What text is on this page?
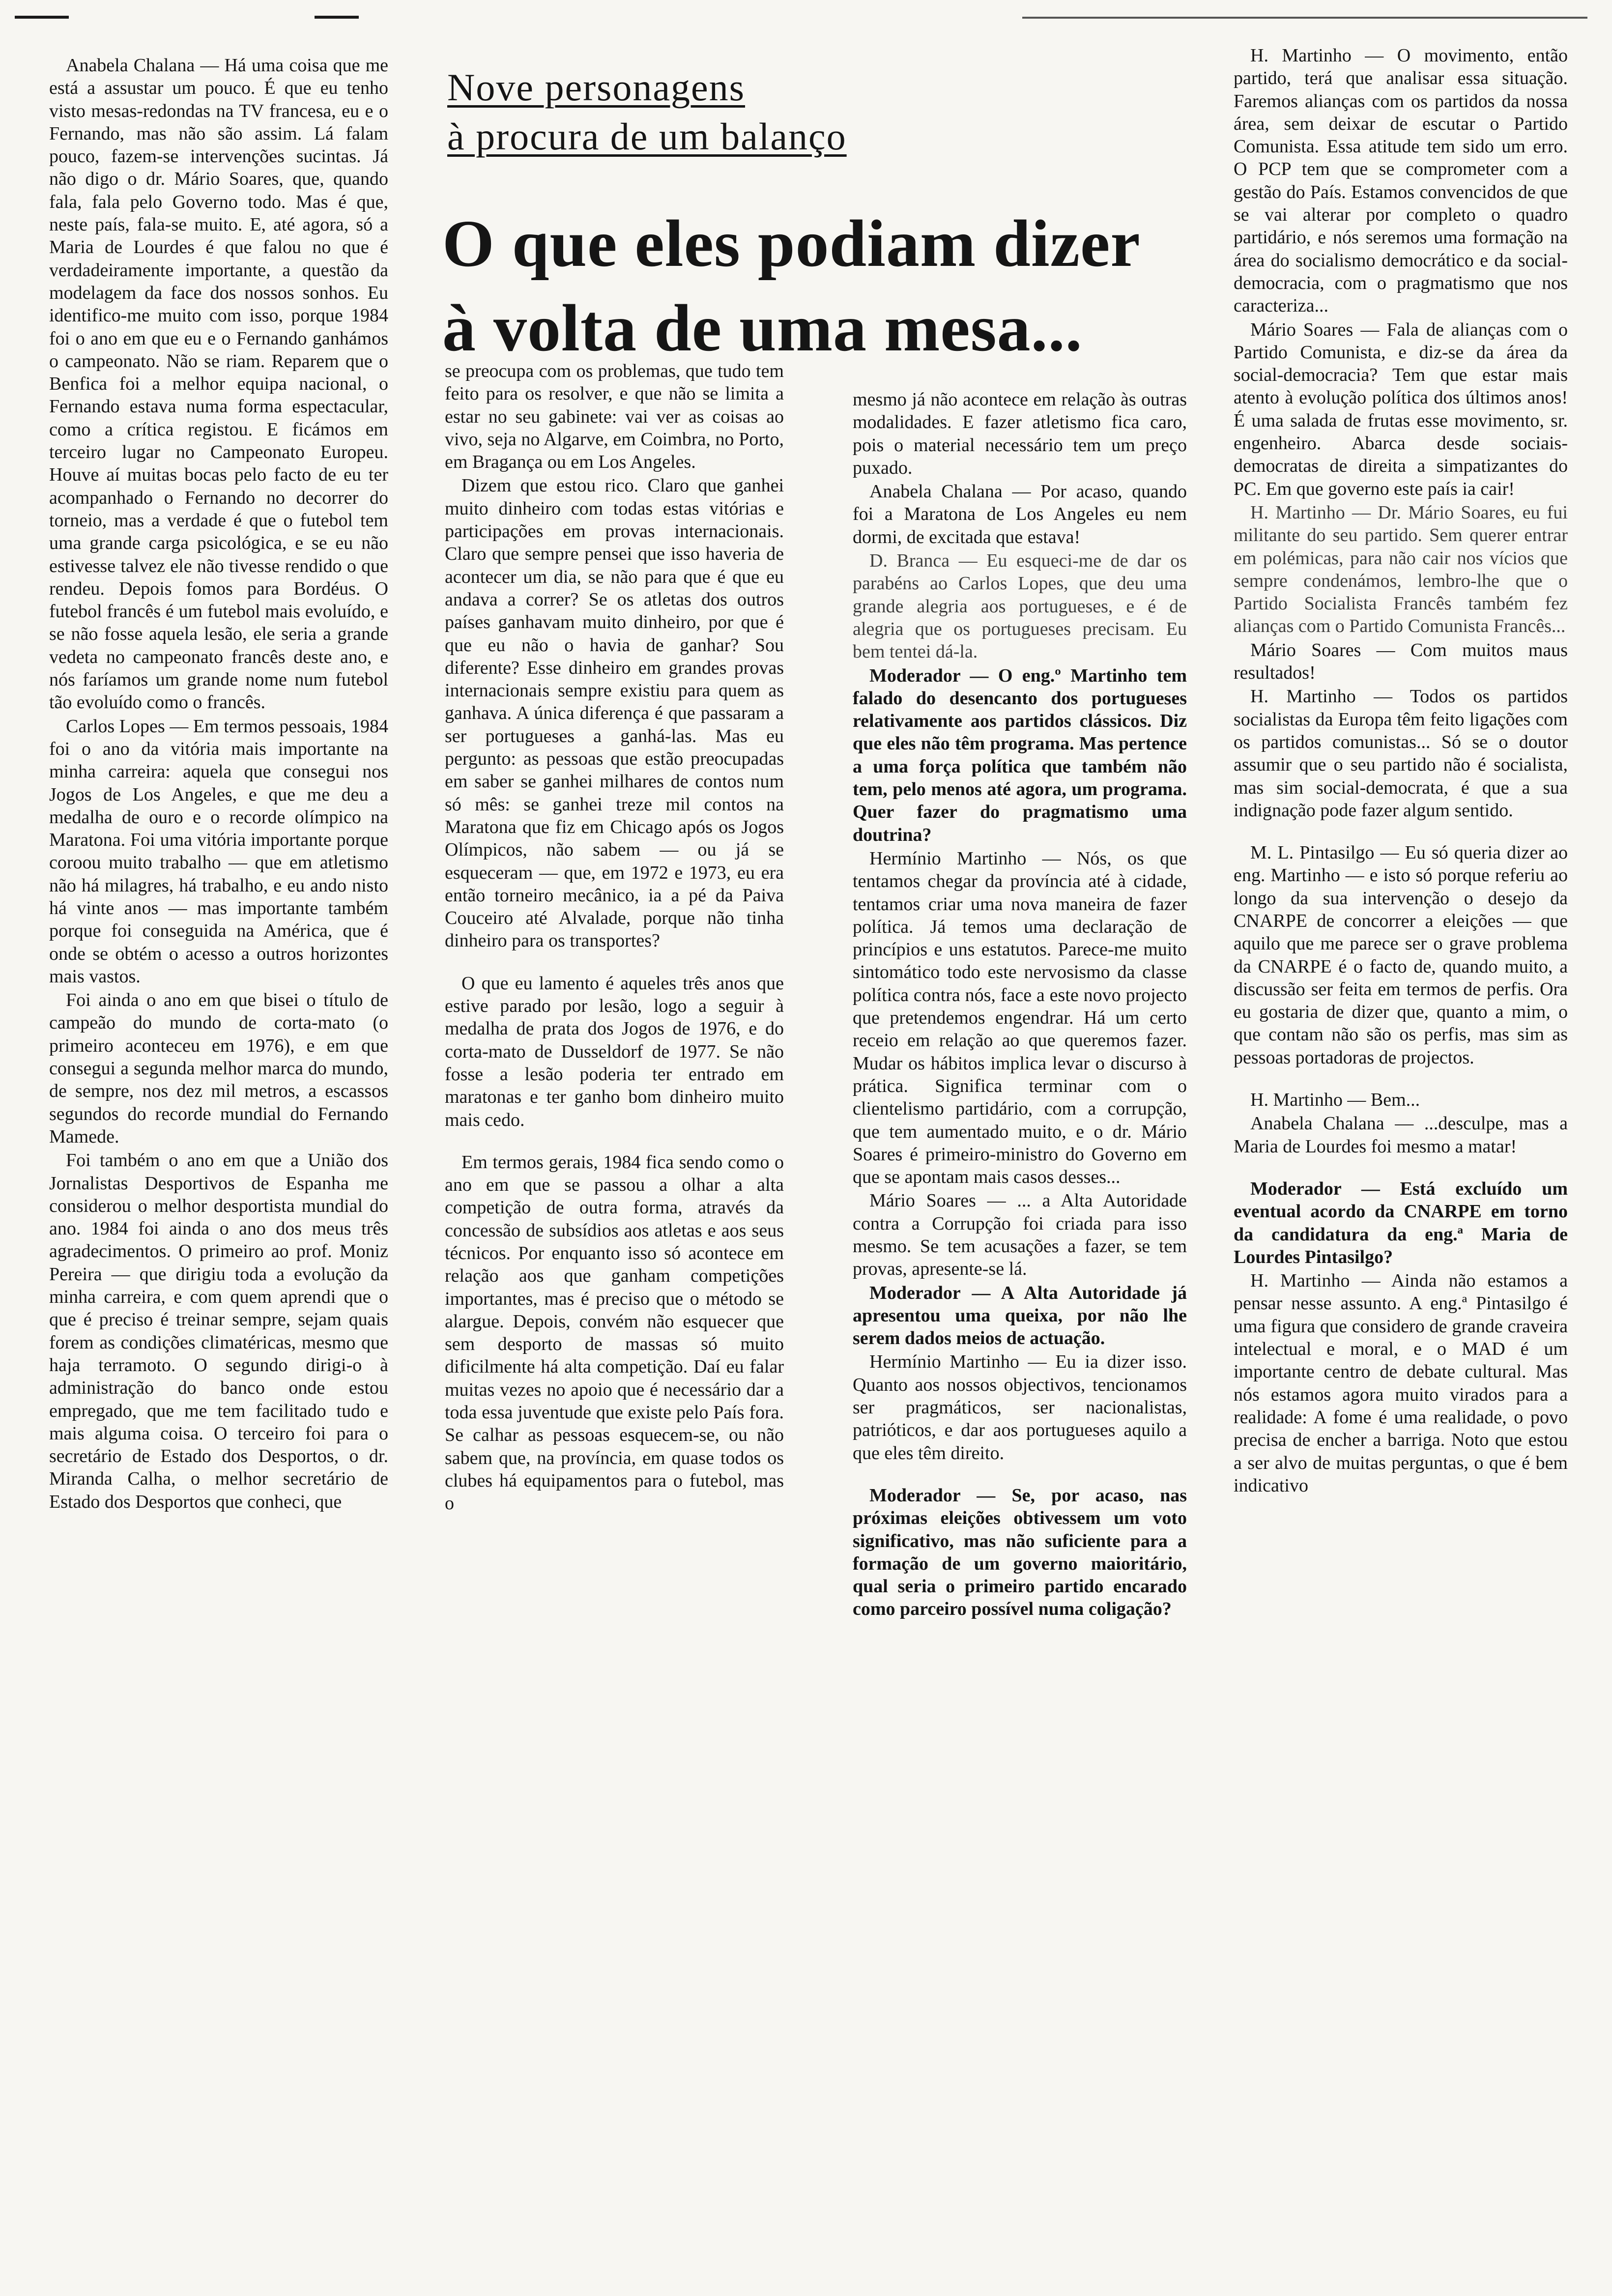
Nove personagens
à procura de um balanço
O que eles podiam dizer
à volta de uma mesa...

Anabela Chalana — Há uma coisa que me está a assustar um pouco. É que eu tenho visto mesas-redondas na TV francesa, eu e o Fernando, mas não são assim. Lá falam pouco, fazem-se intervenções sucintas. Já não digo o dr. Mário Soares, que, quando fala, fala pelo Governo todo. Mas é que, neste país, fala-se muito. E, até agora, só a Maria de Lourdes é que falou no que é verdadeiramente importante, a questão da modelagem da face dos nossos sonhos. Eu identifico-me muito com isso, porque 1984 foi o ano em que eu e o Fernando ganhámos o campeonato. Não se riam. Reparem que o Benfica foi a melhor equipa nacional, o Fernando estava numa forma espectacular, como a crítica registou. E ficámos em terceiro lugar no Campeonato Europeu. Houve aí muitas bocas pelo facto de eu ter acompanhado o Fernando no decorrer do torneio, mas a verdade é que o futebol tem uma grande carga psicológica, e se eu não estivesse talvez ele não tivesse rendido o que rendeu. Depois fomos para Bordéus. O futebol francês é um futebol mais evoluído, e se não fosse aquela lesão, ele seria a grande vedeta no campeonato francês deste ano, e nós faríamos um grande nome num futebol tão evoluído como o francês.

Carlos Lopes — Em termos pessoais, 1984 foi o ano da vitória mais importante na minha carreira: aquela que consegui nos Jogos de Los Angeles, e que me deu a medalha de ouro e o recorde olímpico na Maratona. Foi uma vitória importante porque coroou muito trabalho — que em atletismo não há milagres, há trabalho, e eu ando nisto há vinte anos — mas importante também porque foi conseguida na América, que é onde se obtém o acesso a outros horizontes mais vastos.

Foi ainda o ano em que bisei o título de campeão do mundo de corta-mato (o primeiro aconteceu em 1976), e em que consegui a segunda melhor marca do mundo, de sempre, nos dez mil metros, a escassos segundos do recorde mundial do Fernando Mamede.

Foi também o ano em que a União dos Jornalistas Desportivos de Espanha me considerou o melhor desportista mundial do ano. 1984 foi ainda o ano dos meus três agradecimentos. O primeiro ao prof. Moniz Pereira — que dirigiu toda a evolução da minha carreira, e com quem aprendi que o que é preciso é treinar sempre, sejam quais forem as condições climatéricas, mesmo que haja terramoto. O segundo dirigi-o à administração do banco onde estou empregado, que me tem facilitado tudo e mais alguma coisa. O terceiro foi para o secretário de Estado dos Desportos, o dr. Miranda Calha, o melhor secretário de Estado dos Desportos que conheci, que

se preocupa com os problemas, que tudo tem feito para os resolver, e que não se limita a estar no seu gabinete: vai ver as coisas ao vivo, seja no Algarve, em Coimbra, no Porto, em Bragança ou em Los Angeles.

Dizem que estou rico. Claro que ganhei muito dinheiro com todas estas vitórias e participações em provas internacionais. Claro que sempre pensei que isso haveria de acontecer um dia, se não para que é que eu andava a correr? Se os atletas dos outros países ganhavam muito dinheiro, por que é que eu não o havia de ganhar? Sou diferente? Esse dinheiro em grandes provas internacionais sempre existiu para quem as ganhava. A única diferença é que passaram a ser portugueses a ganhá-las. Mas eu pergunto: as pessoas que estão preocupadas em saber se ganhei milhares de contos num só mês: se ganhei treze mil contos na Maratona que fiz em Chicago após os Jogos Olímpicos, não sabem — ou já se esqueceram — que, em 1972 e 1973, eu era então torneiro mecânico, ia a pé da Paiva Couceiro até Alvalade, porque não tinha dinheiro para os transportes?

O que eu lamento é aqueles três anos que estive parado por lesão, logo a seguir à medalha de prata dos Jogos de 1976, e do corta-mato de Dusseldorf de 1977. Se não fosse a lesão poderia ter entrado em maratonas e ter ganho bom dinheiro muito mais cedo.

Em termos gerais, 1984 fica sendo como o ano em que se passou a olhar a alta competição de outra forma, através da concessão de subsídios aos atletas e aos seus técnicos. Por enquanto isso só acontece em relação aos que ganham competições importantes, mas é preciso que o método se alargue. Depois, convém não esquecer que sem desporto de massas só muito dificilmente há alta competição. Daí eu falar muitas vezes no apoio que é necessário dar a toda essa juventude que existe pelo País fora. Se calhar as pessoas esquecem-se, ou não sabem que, na província, em quase todos os clubes há equipamentos para o futebol, mas o

mesmo já não acontece em relação às outras modalidades. E fazer atletismo fica caro, pois o material necessário tem um preço puxado.

Anabela Chalana — Por acaso, quando foi a Maratona de Los Angeles eu nem dormi, de excitada que estava!

D. Branca — Eu esqueci-me de dar os parabéns ao Carlos Lopes, que deu uma grande alegria aos portugueses, e é de alegria que os portugueses precisam. Eu bem tentei dá-la.

Moderador — O eng.º Martinho tem falado do desencanto dos portugueses relativamente aos partidos clássicos. Diz que eles não têm programa. Mas pertence a uma força política que também não tem, pelo menos até agora, um programa. Quer fazer do pragmatismo uma doutrina?

Hermínio Martinho — Nós, os que tentamos chegar da província até à cidade, tentamos criar uma nova maneira de fazer política. Já temos uma declaração de princípios e uns estatutos. Parece-me muito sintomático todo este nervosismo da classe política contra nós, face a este novo projecto que pretendemos engendrar. Há um certo receio em relação ao que queremos fazer. Mudar os hábitos implica levar o discurso à prática. Significa terminar com o clientelismo partidário, com a corrupção, que tem aumentado muito, e o dr. Mário Soares é primeiro-ministro do Governo em que se apontam mais casos desses...

Mário Soares — ... a Alta Autoridade contra a Corrupção foi criada para isso mesmo. Se tem acusações a fazer, se tem provas, apresente-se lá.

Moderador — A Alta Autoridade já apresentou uma queixa, por não lhe serem dados meios de actuação.

Hermínio Martinho — Eu ia dizer isso. Quanto aos nossos objectivos, tencionamos ser pragmáticos, ser nacionalistas, patrióticos, e dar aos portugueses aquilo a que eles têm direito.

Moderador — Se, por acaso, nas próximas eleições obtivessem um voto significativo, mas não suficiente para a formação de um governo maioritário, qual seria o primeiro partido encarado como parceiro possível numa coligação?

H. Martinho — O movimento, então partido, terá que analisar essa situação. Faremos alianças com os partidos da nossa área, sem deixar de escutar o Partido Comunista. Essa atitude tem sido um erro. O PCP tem que se comprometer com a gestão do País. Estamos convencidos de que se vai alterar por completo o quadro partidário, e nós seremos uma formação na área do socialismo democrático e da social-democracia, com o pragmatismo que nos caracteriza...

Mário Soares — Fala de alianças com o Partido Comunista, e diz-se da área da social-democracia? Tem que estar mais atento à evolução política dos últimos anos! É uma salada de frutas esse movimento, sr. engenheiro. Abarca desde sociais-democratas de direita a simpatizantes do PC. Em que governo este país ia cair!

H. Martinho — Dr. Mário Soares, eu fui militante do seu partido. Sem querer entrar em polémicas, para não cair nos vícios que sempre condenámos, lembro-lhe que o Partido Socialista Francês também fez alianças com o Partido Comunista Francês...

Mário Soares — Com muitos maus resultados!

H. Martinho — Todos os partidos socialistas da Europa têm feito ligações com os partidos comunistas... Só se o doutor assumir que o seu partido não é socialista, mas sim social-democrata, é que a sua indignação pode fazer algum sentido.

M. L. Pintasilgo — Eu só queria dizer ao eng. Martinho — e isto só porque referiu ao longo da sua intervenção o desejo da CNARPE de concorrer a eleições — que aquilo que me parece ser o grave problema da CNARPE é o facto de, quando muito, a discussão ser feita em termos de perfis. Ora eu gostaria de dizer que, quanto a mim, o que contam não são os perfis, mas sim as pessoas portadoras de projectos.

H. Martinho — Bem...

Anabela Chalana — ...desculpe, mas a Maria de Lourdes foi mesmo a matar!

Moderador — Está excluído um eventual acordo da CNARPE em torno da candidatura da eng.ª Maria de Lourdes Pintasilgo?

H. Martinho — Ainda não estamos a pensar nesse assunto. A eng.ª Pintasilgo é uma figura que considero de grande craveira intelectual e moral, e o MAD é um importante centro de debate cultural. Mas nós estamos agora muito virados para a realidade: A fome é uma realidade, o povo precisa de encher a barriga. Noto que estou a ser alvo de muitas perguntas, o que é bem indicativo
